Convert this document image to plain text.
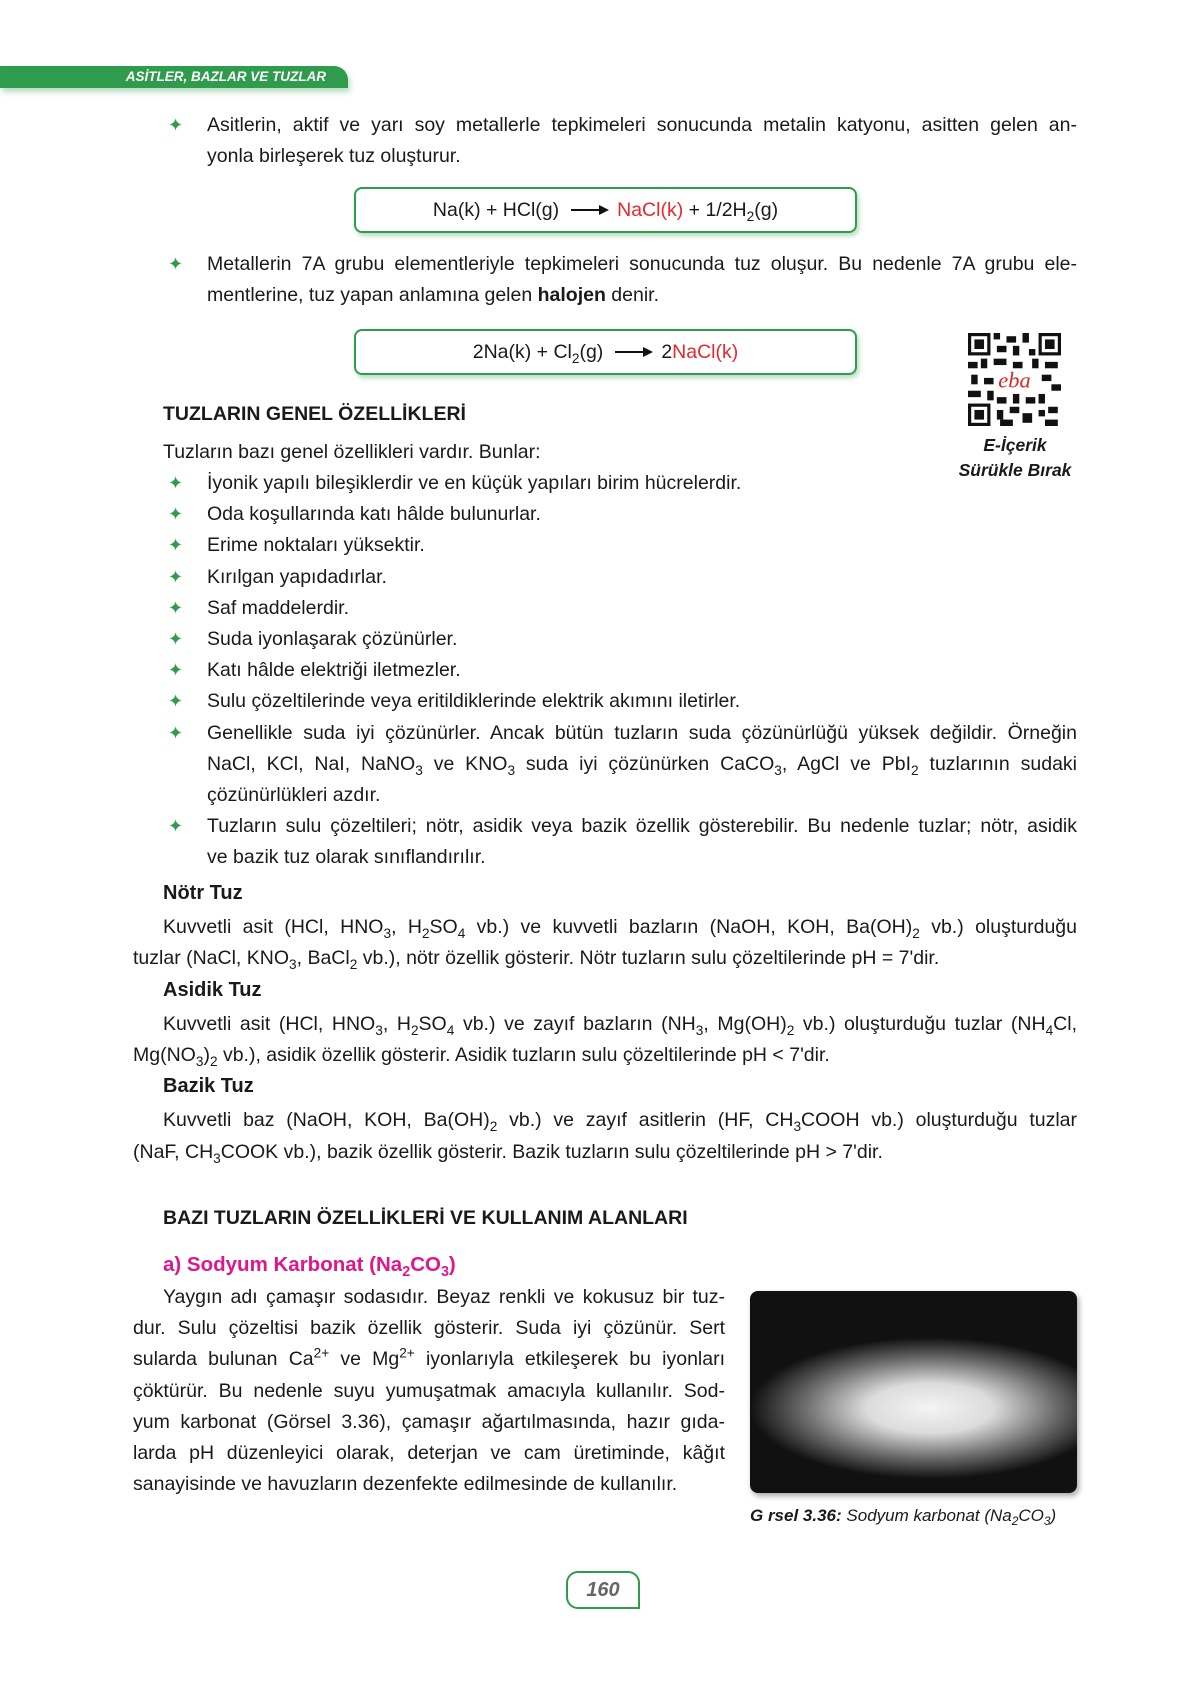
ASİTLER, BAZLAR VE TUZLAR
✦ Asitlerin, aktif ve yarı soy metallerle tepkimeleri sonucunda metalin katyonu, asitten gelen an-
yonla birleşerek tuz oluşturur.
Na(k) + HCl(g) → NaCl(k) + $1/2H_2(g)$
✦ Metallerin 7A grubu elementleriyle tepkimeleri sonucunda tuz oluşur. Bu nedenle 7A grubu ele-
mentlerine, tuz yapan anlamına gelen halojen denir.
$2Na(k) + Cl_2(g)$ → 2NaCl(k)
eba
E-İçerik
Sürükle Bırak
TUZLARIN GENEL ÖZELLİKLERİ
Tuzların bazı genel özellikleri vardır. Bunlar:
✦ İyonik yapılı bileşiklerdir ve en küçük yapıları birim hücrelerdir.
✦ Oda koşullarında katı hâlde bulunurlar.
✦ Erime noktaları yüksektir.
✦ Kırılgan yapıdadırlar.
✦ Saf maddelerdir.
✦ Suda iyonlaşarak çözünürler.
✦ Katı hâlde elektriği iletmezler.
✦ Sulu çözeltilerinde veya eritildiklerinde elektrik akımını iletirler.
✦ Genellikle suda iyi çözünürler. Ancak bütün tuzların suda çözünürlüğü yüksek değildir. Örneğin
NaCl, KCl, NaI, NaNO$_3$ ve $KNO_3$ suda iyi çözünürken CaCO$_3$, AgCl ve PbI$_2$ tuzlarının sudaki
çözünürlükleri azdır.
✦ Tuzların sulu çözeltileri; nötr, asidik veya bazik özellik gösterebilir. Bu nedenle tuzlar; nötr, asidik
ve bazik tuz olarak sınıflandırılır.
Nötr Tuz
Kuvvetli asit (HCl, $HNO_3$, $H_2SO_4$ vb.) ve kuvvetli bazların (NaOH, KOH, $Ba(OH)_2$ vb.) oluşturduğu
tuzlar (NaCl, $KNO_3$, BaCl$_2$ vb.), nötr özellik gösterir. Nötr tuzların sulu çözeltilerinde pH = 7'dir.
Asidik Tuz
Kuvvetli asit (HCl, $HNO_3$, $H_2SO_4$ vb.) ve zayıf bazların ($NH_3$, $Mg(OH)_2$ vb.) oluşturduğu tuzlar ($NH_4Cl$,
$Mg(NO_3)_2$ vb.), asidik özellik gösterir. Asidik tuzların sulu çözeltilerinde pH < 7'dir.
Bazik Tuz
Kuvvetli baz (NaOH, KOH, $Ba(OH)_2$ vb.) ve zayıf asitlerin (HF, $CH_3COOH$ vb.) oluşturduğu tuzlar
(NaF, $CH_3COOK$ vb.), bazik özellik gösterir. Bazik tuzların sulu çözeltilerinde pH > 7'dir.
BAZI TUZLARIN ÖZELLİKLERİ VE KULLANIM ALANLARI
a) Sodyum Karbonat $(Na_2CO_3)$
Yaygın adı çamaşır sodasıdır. Beyaz renkli ve kokusuz bir tuz-
dur. Sulu çözeltisi bazik özellik gösterir. Suda iyi çözünür. Sert
sularda bulunan $Ca^{2+}$ ve $Mg^{2+}$ iyonlarıyla etkileşerek bu iyonları
çöktürür. Bu nedenle suyu yumuşatmak amacıyla kullanılır. Sod-
yum karbonat (Görsel 3.36), çamaşır ağartılmasında, hazır gıda-
larda pH düzenleyici olarak, deterjan ve cam üretiminde, kâğıt
sanayisinde ve havuzların dezenfekte edilmesinde de kullanılır.
G rsel 3.36: Sodyum karbonat $(Na_2CO_3)$
160
